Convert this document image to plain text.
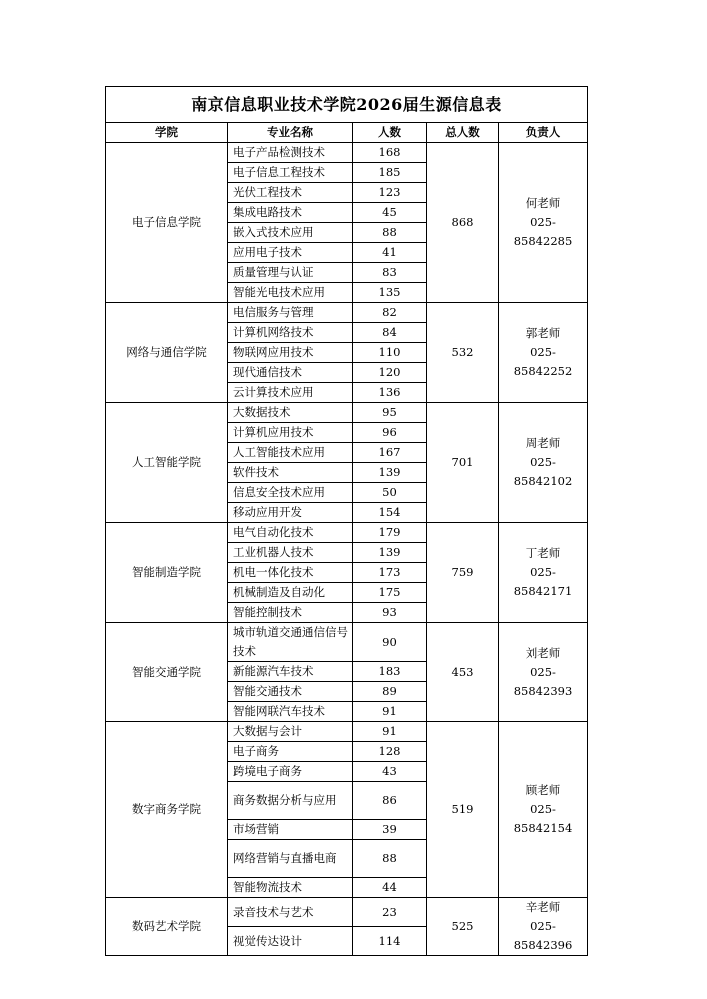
南京信息职业技术学院2026届生源信息表				
学院	专业名称	人数	总人数	负责人
电子信息学院	电子产品检测技术	168	868	何老师
025-85842285

	电子信息工程技术	185		
	光伏工程技术	123		
	集成电路技术	45		
	嵌入式技术应用	88		
	应用电子技术	41		
	质量管理与认证	83		
	智能光电技术应用	135		
网络与通信学院	电信服务与管理	82	532	郭老师
025-85842252

	计算机网络技术	84		
	物联网应用技术	110		
	现代通信技术	120		
	云计算技术应用	136		
人工智能学院	大数据技术	95	701	周老师
025-85842102

	计算机应用技术	96		
	人工智能技术应用	167		
	软件技术	139		
	信息安全技术应用	50		
	移动应用开发	154		
智能制造学院	电气自动化技术	179	759	丁老师
025-85842171

	工业机器人技术	139		
	机电一体化技术	173		
	机械制造及自动化	175		
	智能控制技术	93		
智能交通学院	城市轨道交通通信信号技术	90	453	刘老师
025-85842393

	新能源汽车技术	183		
	智能交通技术	89		
	智能网联汽车技术	91		
数字商务学院	大数据与会计	91	519	顾老师
025-85842154

	电子商务	128		
	跨境电子商务	43		
	商务数据分析与应用	86		
	市场营销	39		
	网络营销与直播电商	88		
	智能物流技术	44		
数码艺术学院	录音技术与艺术	23	525	辛老师
025-85842396

	视觉传达设计	114		
